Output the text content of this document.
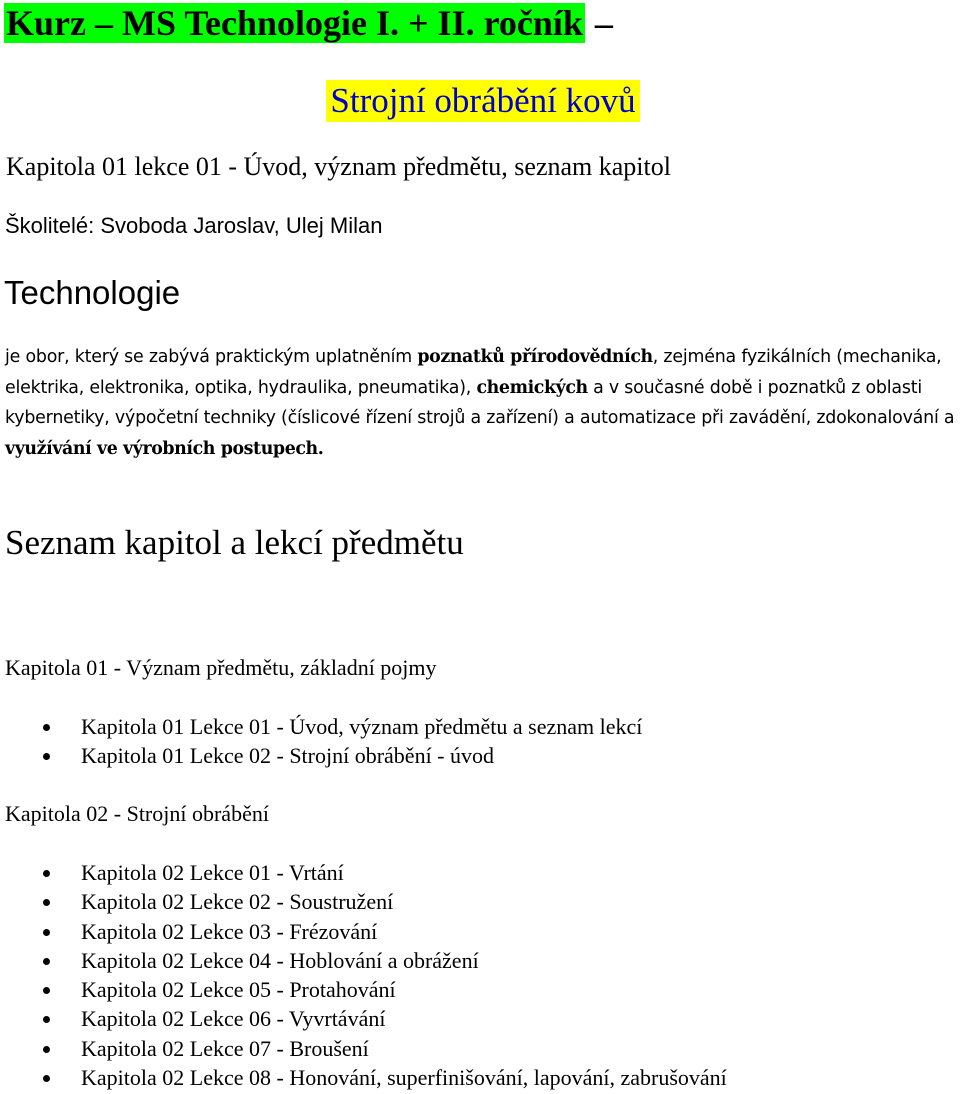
Kurz – MS Technologie I. + II. ročník –
Strojní obrábění kovů
Kapitola 01 lekce 01 - Úvod, význam předmětu, seznam kapitol
Školitelé: Svoboda Jaroslav, Ulej Milan
Technologie
je obor, který se zabývá praktickým uplatněním poznatků přírodovědních, zejména fyzikálních (mechanika, elektrika, elektronika, optika, hydraulika, pneumatika), chemických a v současné době i poznatků z oblasti kybernetiky, výpočetní techniky (číslicové řízení strojů a zařízení) a automatizace při zavádění, zdokonalování a využívání ve výrobních postupech.
Seznam kapitol a lekcí předmětu
Kapitola 01 - Význam předmětu, základní pojmy
Kapitola 01 Lekce 01 - Úvod, význam předmětu a seznam lekcí
Kapitola 01 Lekce 02 - Strojní obrábění - úvod
Kapitola 02 - Strojní obrábění
Kapitola 02 Lekce 01 - Vrtání
Kapitola 02 Lekce 02 - Soustružení
Kapitola 02 Lekce 03 - Frézování
Kapitola 02 Lekce 04 - Hoblování a obrážení
Kapitola 02 Lekce 05 - Protahování
Kapitola 02 Lekce 06 - Vyvrtávání
Kapitola 02 Lekce 07 - Broušení
Kapitola 02 Lekce 08 - Honování, superfinišování, lapování, zabrušování
